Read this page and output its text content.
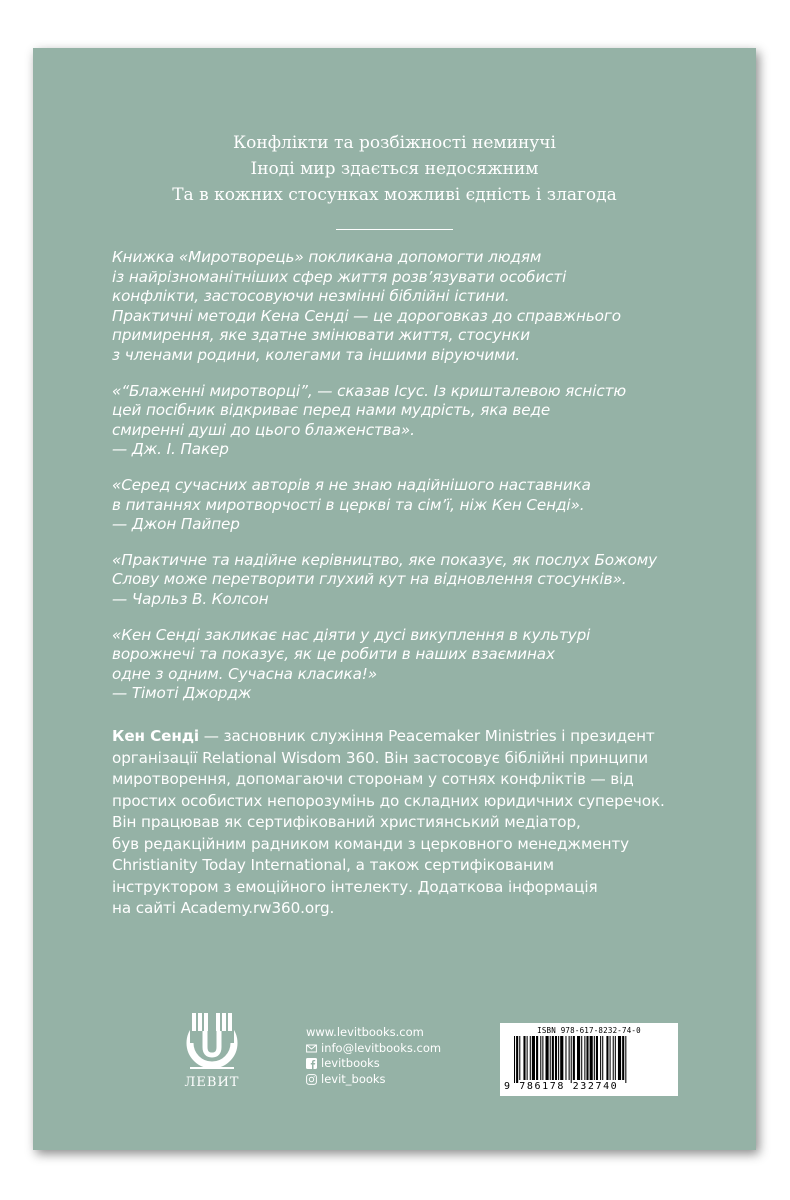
Конфлікти та розбіжності неминучі
Іноді мир здається недосяжним
Та в кожних стосунках можливі єдність і злагода

Книжка «Миротворець» покликана допомогти людям
із найрізноманітніших сфер життя розв’язувати особисті
конфлікти, застосовуючи незмінні біблійні істини.
Практичні методи Кена Сенді — це дороговказ до справжнього
примирення, яке здатне змінювати життя, стосунки
з членами родини, колегами та іншими віруючими.

«“Блаженні миротворці”, — сказав Ісус. Із кришталевою ясністю
цей посібник відкриває перед нами мудрість, яка веде
смиренні душі до цього блаженства».
— Дж. І. Пакер

«Серед сучасних авторів я не знаю надійнішого наставника
в питаннях миротворчості в церкві та сім’ї, ніж Кен Сенді».
— Джон Пайпер

«Практичне та надійне керівництво, яке показує, як послух Божому
Слову може перетворити глухий кут на відновлення стосунків».
— Чарльз В. Колсон

«Кен Сенді закликає нас діяти у дусі викуплення в культурі
ворожнечі та показує, як це робити в наших взаєминах
одне з одним. Сучасна класика!»
— Тімоті Джордж

Кен Сенді — засновник служіння Peacemaker Ministries і президент
організації Relational Wisdom 360. Він застосовує біблійні принципи
миротворення, допомагаючи сторонам у сотнях конфліктів — від
простих особистих непорозумінь до складних юридичних суперечок.
Він працював як сертифікований християнський медіатор,
був редакційним радником команди з церковного менеджменту
Christianity Today International, а також сертифікованим
інструктором з емоційного інтелекту. Додаткова інформація
на сайті Academy.rw360.org.
ЛЕВИТ
www.levitbooks.com
info@levitbooks.com
levitbooks
levit_books
ISBN 978-617-8232-74-0
9 786178 232740
